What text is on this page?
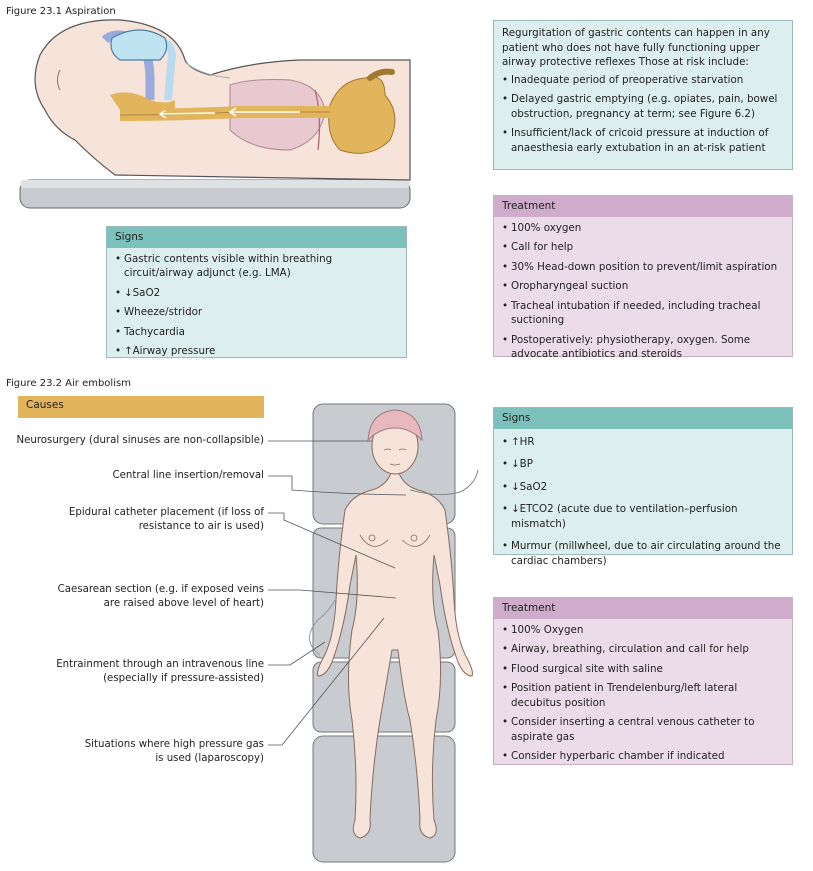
Figure 23.1 Aspiration
Regurgitation of gastric contents can happen in any patient who does not have fully functioning upper airway protective reflexes Those at risk include:
• Inadequate period of preoperative starvation
• Delayed gastric emptying (e.g. opiates, pain, bowel obstruction, pregnancy at term; see Figure 6.2)
• Insufficient/lack of cricoid pressure at induction of anaesthesia early extubation in an at-risk patient
Signs
• Gastric contents visible within breathing circuit/airway adjunct (e.g. LMA)
• ↓SaO2
• Wheeze/stridor
• Tachycardia
• ↑Airway pressure
Treatment
• 100% oxygen
• Call for help
• 30% Head-down position to prevent/limit aspiration
• Oropharyngeal suction
• Tracheal intubation if needed, including tracheal suctioning
• Postoperatively: physiotherapy, oxygen. Some advocate antibiotics and steroids
Figure 23.2 Air embolism
Causes
Neurosurgery (dural sinuses are non-collapsible)
Central line insertion/removal
Epidural catheter placement (if loss of resistance to air is used)
Caesarean section (e.g. if exposed veins are raised above level of heart)
Entrainment through an intravenous line (especially if pressure-assisted)
Situations where high pressure gas is used (laparoscopy)
Signs
• ↑HR
• ↓BP
• ↓SaO2
• ↓ETCO2 (acute due to ventilation–perfusion mismatch)
• Murmur (millwheel, due to air circulating around the cardiac chambers)
Treatment
• 100% Oxygen
• Airway, breathing, circulation and call for help
• Flood surgical site with saline
• Position patient in Trendelenburg/left lateral decubitus position
• Consider inserting a central venous catheter to aspirate gas
• Consider hyperbaric chamber if indicated
